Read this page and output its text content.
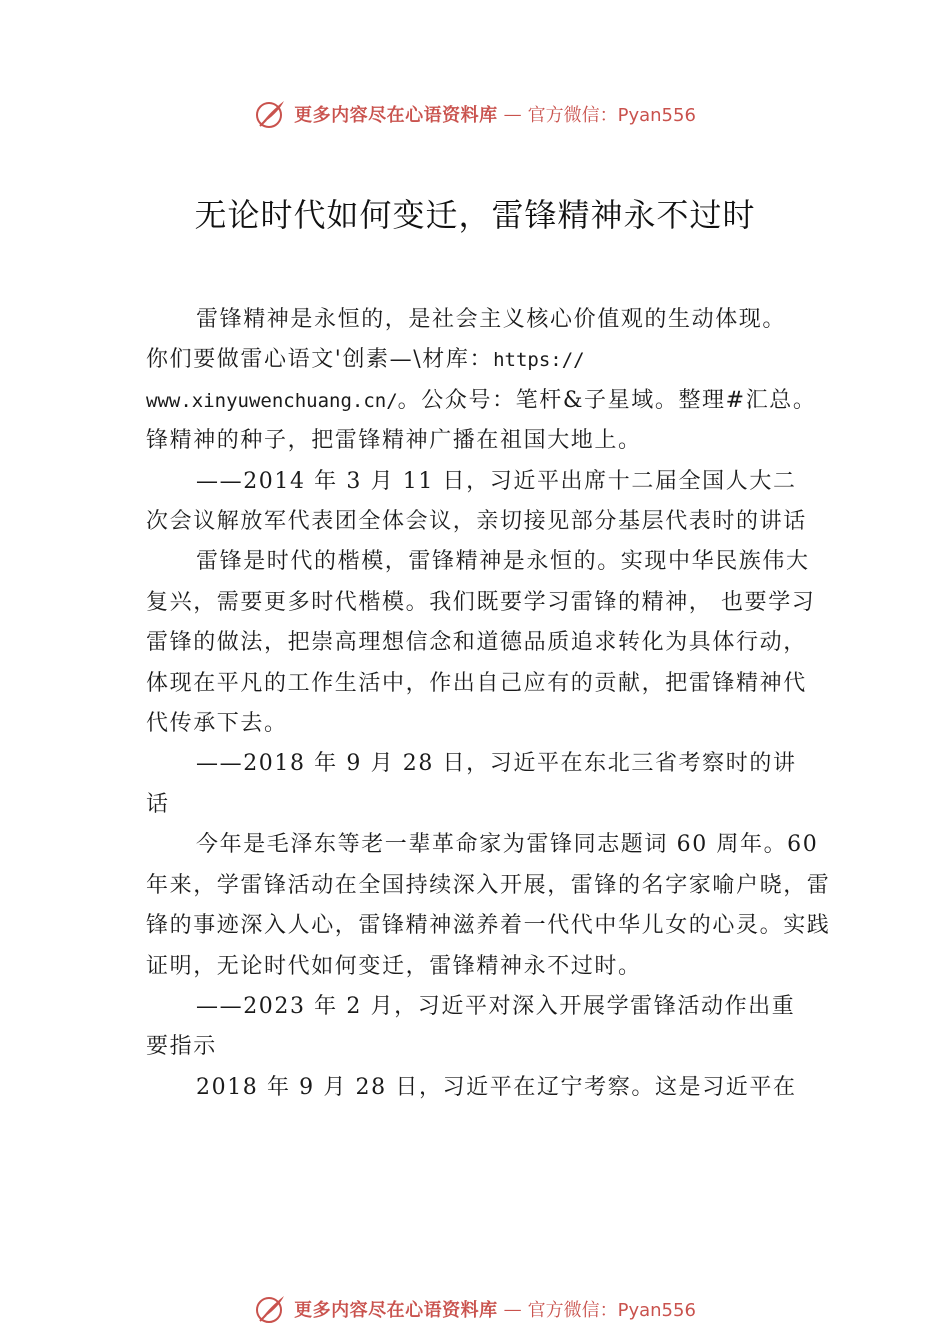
更多内容尽在心语资料库 — 官方微信：Pyan556
无论时代如何变迁，雷锋精神永不过时

雷锋精神是永恒的，是社会主义核心价值观的生动体现。
你们要做雷心语文'创素—\材库：https://
www.xinyuwenchuang.cn/。公众号：笔杆&子星域。整理#汇总。
锋精神的种子，把雷锋精神广播在祖国大地上。

——2014 年 3 月 11 日，习近平出席十二届全国人大二次会议解放军代表团全体会议，亲切接见部分基层代表时的讲话

雷锋是时代的楷模，雷锋精神是永恒的。实现中华民族伟大复兴，需要更多时代楷模。我们既要学习雷锋的精神， 也要学习雷锋的做法，把崇高理想信念和道德品质追求转化为具体行动，体现在平凡的工作生活中，作出自己应有的贡献，把雷锋精神代代传承下去。

——2018 年 9 月 28 日，习近平在东北三省考察时的讲话

今年是毛泽东等老一辈革命家为雷锋同志题词 60 周年。60 年来，学雷锋活动在全国持续深入开展，雷锋的名字家喻户晓，雷锋的事迹深入人心，雷锋精神滋养着一代代中华儿女的心灵。实践证明，无论时代如何变迁，雷锋精神永不过时。

——2023 年 2 月，习近平对深入开展学雷锋活动作出重要指示

2018 年 9 月 28 日，习近平在辽宁考察。这是习近平在

更多内容尽在心语资料库 — 官方微信：Pyan556
